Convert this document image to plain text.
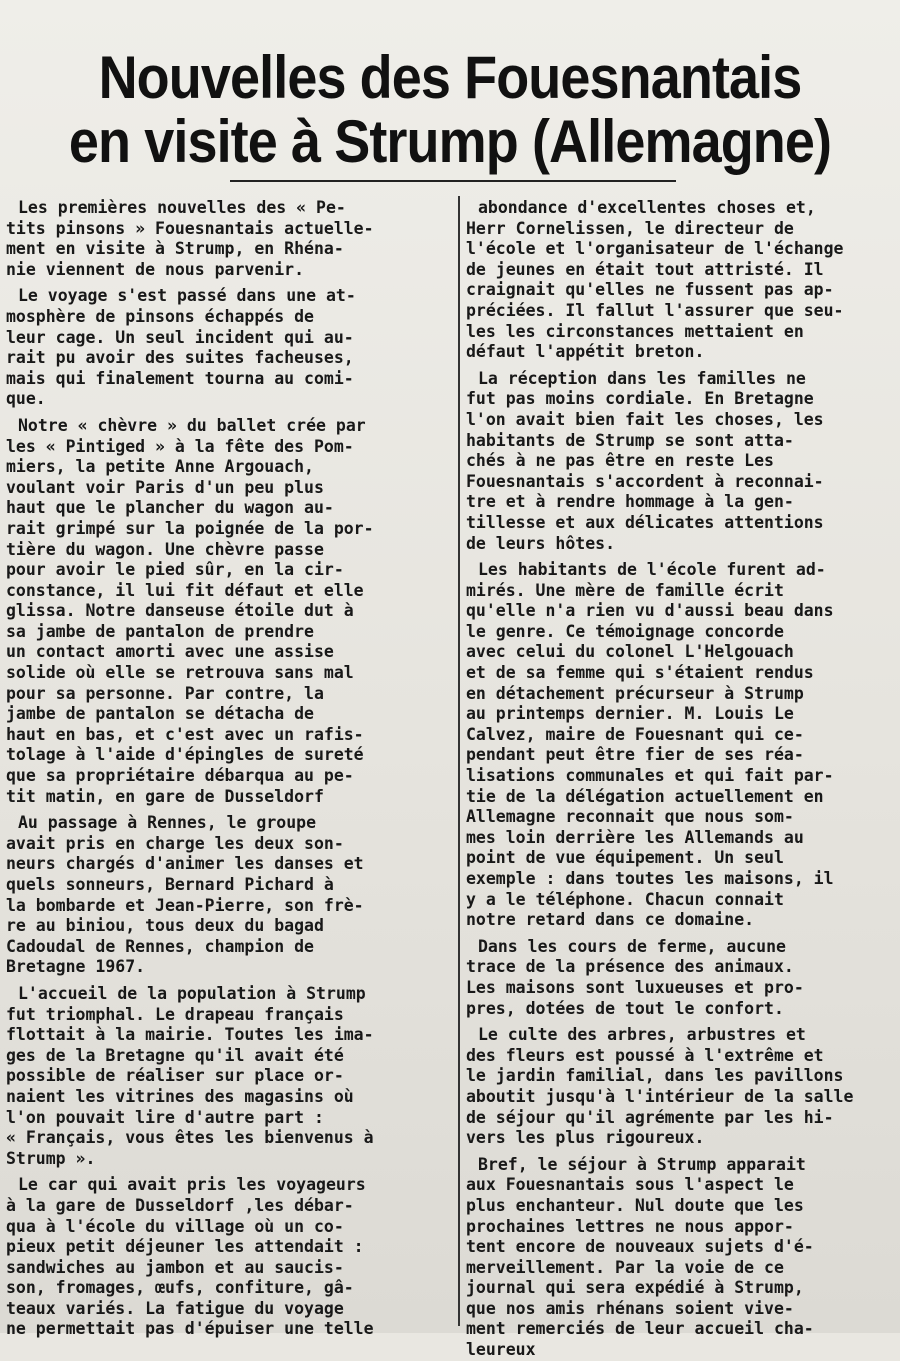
Nouvelles des Fouesnantais
en visite à Strump (Allemagne)

Les premières nouvelles des « Pe-
tits pinsons » Fouesnantais actuelle-
ment en visite à Strump, en Rhéna-
nie viennent de nous parvenir.

Le voyage s'est passé dans une at-
mosphère de pinsons échappés de
leur cage. Un seul incident qui au-
rait pu avoir des suites facheuses,
mais qui finalement tourna au comi-
que.

Notre « chèvre » du ballet crée par
les « Pintiged » à la fête des Pom-
miers, la petite Anne Argouach,
voulant voir Paris d'un peu plus
haut que le plancher du wagon au-
rait grimpé sur la poignée de la por-
tière du wagon. Une chèvre passe
pour avoir le pied sûr, en la cir-
constance, il lui fit défaut et elle
glissa. Notre danseuse étoile dut à
sa jambe de pantalon de prendre
un contact amorti avec une assise
solide où elle se retrouva sans mal
pour sa personne. Par contre, la
jambe de pantalon se détacha de
haut en bas, et c'est avec un rafis-
tolage à l'aide d'épingles de sureté
que sa propriétaire débarqua au pe-
tit matin, en gare de Dusseldorf

Au passage à Rennes, le groupe
avait pris en charge les deux son-
neurs chargés d'animer les danses et
quels sonneurs, Bernard Pichard à
la bombarde et Jean-Pierre, son frè-
re au biniou, tous deux du bagad
Cadoudal de Rennes, champion de
Bretagne 1967.

L'accueil de la population à Strump
fut triomphal. Le drapeau français
flottait à la mairie. Toutes les ima-
ges de la Bretagne qu'il avait été
possible de réaliser sur place or-
naient les vitrines des magasins où
l'on pouvait lire d'autre part :
« Français, vous êtes les bienvenus à
Strump ».

Le car qui avait pris les voyageurs
à la gare de Dusseldorf ,les débar-
qua à l'école du village où un co-
pieux petit déjeuner les attendait :
sandwiches au jambon et au saucis-
son, fromages, œufs, confiture, gâ-
teaux variés. La fatigue du voyage
ne permettait pas d'épuiser une telle

abondance d'excellentes choses et,
Herr Cornelissen, le directeur de
l'école et l'organisateur de l'échange
de jeunes en était tout attristé. Il
craignait qu'elles ne fussent pas ap-
préciées. Il fallut l'assurer que seu-
les les circonstances mettaient en
défaut l'appétit breton.

La réception dans les familles ne
fut pas moins cordiale. En Bretagne
l'on avait bien fait les choses, les
habitants de Strump se sont atta-
chés à ne pas être en reste Les
Fouesnantais s'accordent à reconnai-
tre et à rendre hommage à la gen-
tillesse et aux délicates attentions
de leurs hôtes.

Les habitants de l'école furent ad-
mirés. Une mère de famille écrit
qu'elle n'a rien vu d'aussi beau dans
le genre. Ce témoignage concorde
avec celui du colonel L'Helgouach
et de sa femme qui s'étaient rendus
en détachement précurseur à Strump
au printemps dernier. M. Louis Le
Calvez, maire de Fouesnant qui ce-
pendant peut être fier de ses réa-
lisations communales et qui fait par-
tie de la délégation actuellement en
Allemagne reconnait que nous som-
mes loin derrière les Allemands au
point de vue équipement. Un seul
exemple : dans toutes les maisons, il
y a le téléphone. Chacun connait
notre retard dans ce domaine.

Dans les cours de ferme, aucune
trace de la présence des animaux.
Les maisons sont luxueuses et pro-
pres, dotées de tout le confort.

Le culte des arbres, arbustres et
des fleurs est poussé à l'extrême et
le jardin familial, dans les pavillons
aboutit jusqu'à l'intérieur de la salle
de séjour qu'il agrémente par les hi-
vers les plus rigoureux.

Bref, le séjour à Strump apparait
aux Fouesnantais sous l'aspect le
plus enchanteur. Nul doute que les
prochaines lettres ne nous appor-
tent encore de nouveaux sujets d'é-
merveillement. Par la voie de ce
journal qui sera expédié à Strump,
que nos amis rhénans soient vive-
ment remerciés de leur accueil cha-
leureux
